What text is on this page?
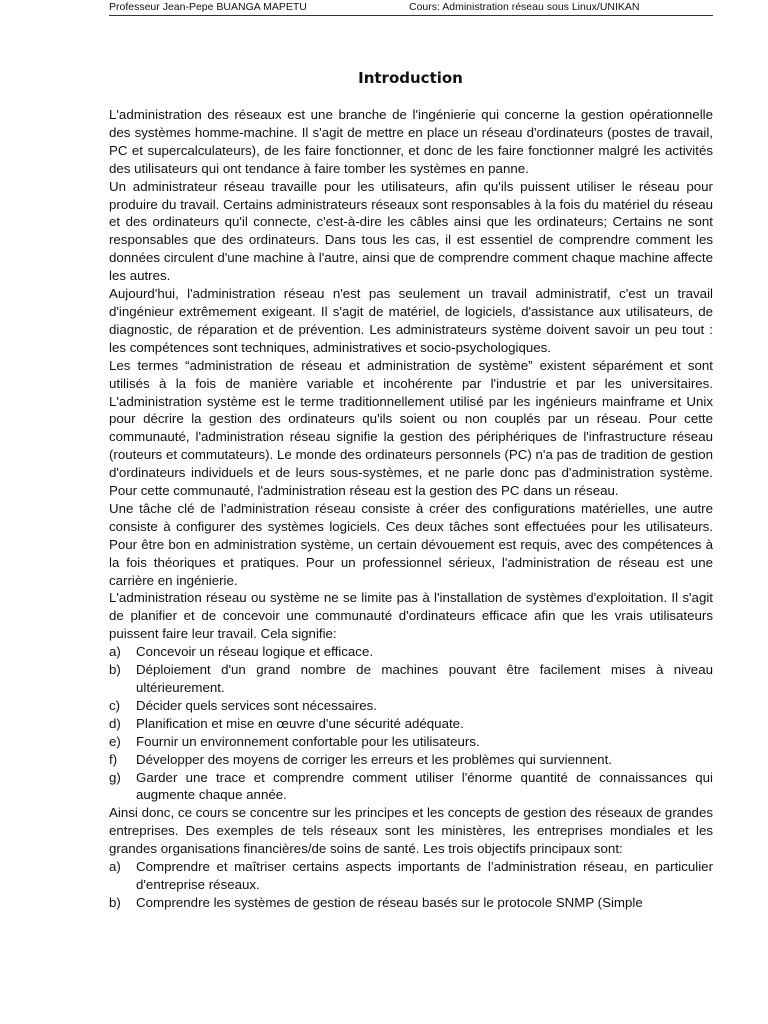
Professeur Jean-Pepe BUANGA MAPETU	Cours: Administration réseau sous Linux/UNIKAN
Introduction

L'administration des réseaux est une branche de l'ingénierie qui concerne la gestion opérationnelle des systèmes homme-machine. Il s'agit de mettre en place un réseau d'ordinateurs (postes de travail, PC et supercalculateurs), de les faire fonctionner, et donc de les faire fonctionner malgré les activités des utilisateurs qui ont tendance à faire tomber les systèmes en panne.

Un administrateur réseau travaille pour les utilisateurs, afin qu'ils puissent utiliser le réseau pour produire du travail. Certains administrateurs réseaux sont responsables à la fois du matériel du réseau et des ordinateurs qu'il connecte, c'est-à-dire les câbles ainsi que les ordinateurs; Certains ne sont responsables que des ordinateurs. Dans tous les cas, il est essentiel de comprendre comment les données circulent d'une machine à l'autre, ainsi que de comprendre comment chaque machine affecte les autres.

Aujourd'hui, l'administration réseau n'est pas seulement un travail administratif, c'est un travail d'ingénieur extrêmement exigeant. Il s'agit de matériel, de logiciels, d'assistance aux utilisateurs, de diagnostic, de réparation et de prévention. Les administrateurs système doivent savoir un peu tout : les compétences sont techniques, administratives et socio-psychologiques.

Les termes “administration de réseau et administration de système” existent séparément et sont utilisés à la fois de manière variable et incohérente par l'industrie et par les universitaires. L'administration système est le terme traditionnellement utilisé par les ingénieurs mainframe et Unix pour décrire la gestion des ordinateurs qu'ils soient ou non couplés par un réseau. Pour cette communauté, l'administration réseau signifie la gestion des périphériques de l'infrastructure réseau (routeurs et commutateurs). Le monde des ordinateurs personnels (PC) n'a pas de tradition de gestion d'ordinateurs individuels et de leurs sous-systèmes, et ne parle donc pas d'administration système. Pour cette communauté, l'administration réseau est la gestion des PC dans un réseau.

Une tâche clé de l'administration réseau consiste à créer des configurations matérielles, une autre consiste à configurer des systèmes logiciels. Ces deux tâches sont effectuées pour les utilisateurs. Pour être bon en administration système, un certain dévouement est requis, avec des compétences à la fois théoriques et pratiques. Pour un professionnel sérieux, l'administration de réseau est une carrière en ingénierie.

L'administration réseau ou système ne se limite pas à l'installation de systèmes d'exploitation. Il s'agit de planifier et de concevoir une communauté d'ordinateurs efficace afin que les vrais utilisateurs puissent faire leur travail. Cela signifie:

a)	Concevoir un réseau logique et efficace.
b)	Déploiement d'un grand nombre de machines pouvant être facilement mises à niveau ultérieurement.
c)	Décider quels services sont nécessaires.
d)	Planification et mise en œuvre d'une sécurité adéquate.
e)	Fournir un environnement confortable pour les utilisateurs.
f)	Développer des moyens de corriger les erreurs et les problèmes qui surviennent.
g)	Garder une trace et comprendre comment utiliser l'énorme quantité de connaissances qui augmente chaque année.

Ainsi donc, ce cours se concentre sur les principes et les concepts de gestion des réseaux de grandes entreprises. Des exemples de tels réseaux sont les ministères, les entreprises mondiales et les grandes organisations financières/de soins de santé. Les trois objectifs principaux sont:

a)	Comprendre et maîtriser certains aspects importants de l’administration réseau, en particulier d'entreprise réseaux.
b)	Comprendre les systèmes de gestion de réseau basés sur le protocole SNMP (Simple
